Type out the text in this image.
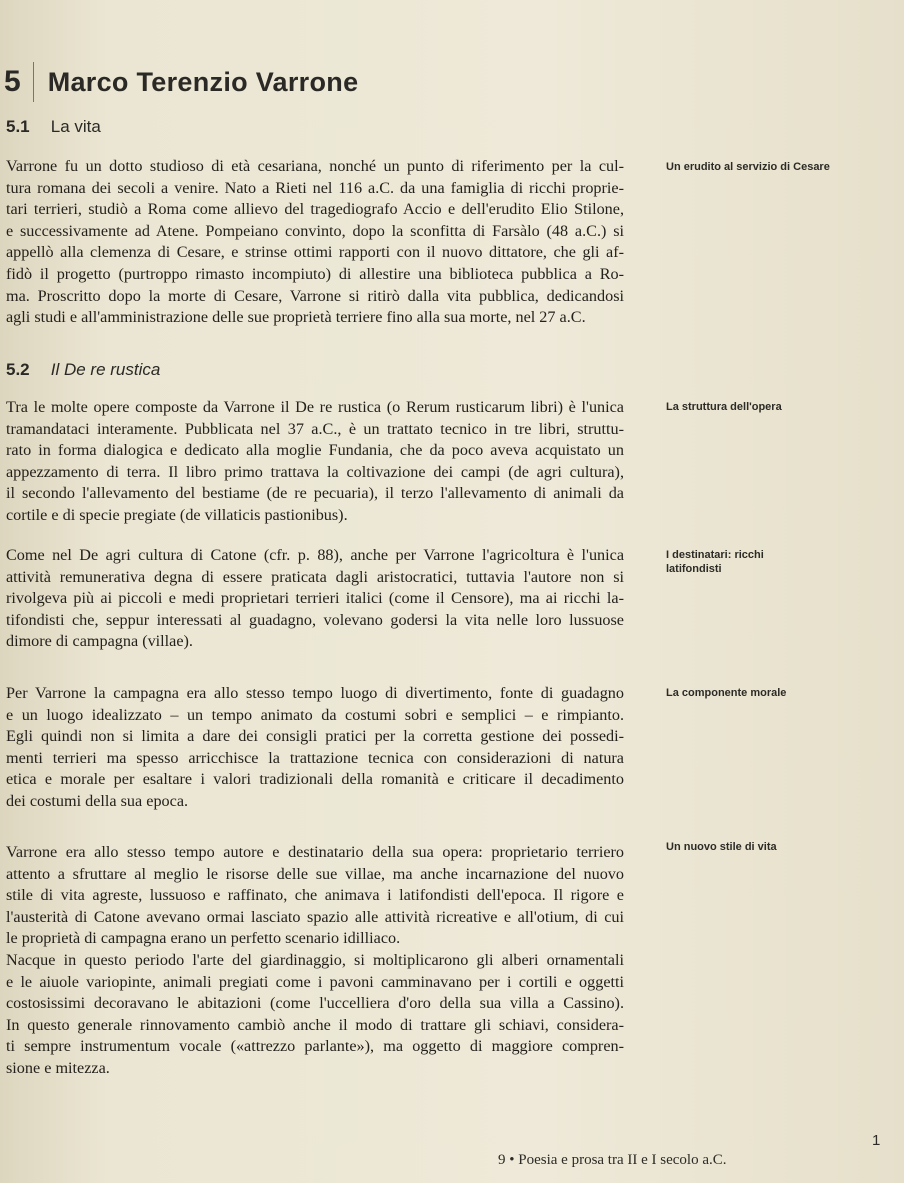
5	Marco Terenzio Varrone
5.1 La vita

Varrone fu un dotto studioso di età cesariana, nonché un punto di riferimento per la cul-
tura romana dei secoli a venire. Nato a Rieti nel 116 a.C. da una famiglia di ricchi proprie-
tari terrieri, studiò a Roma come allievo del tragediografo Accio e dell'erudito Elio Stilone,
e successivamente ad Atene. Pompeiano convinto, dopo la sconfitta di Farsàlo (48 a.C.) si
appellò alla clemenza di Cesare, e strinse ottimi rapporti con il nuovo dittatore, che gli af-
fidò il progetto (purtroppo rimasto incompiuto) di allestire una biblioteca pubblica a Ro-
ma. Proscritto dopo la morte di Cesare, Varrone si ritirò dalla vita pubblica, dedicandosi
agli studi e all'amministrazione delle sue proprietà terriere fino alla sua morte, nel 27 a.C.

Un erudito al servizio di Cesare
5.2 Il De re rustica

Tra le molte opere composte da Varrone il De re rustica (o Rerum rusticarum libri) è l'unica
tramandataci interamente. Pubblicata nel 37 a.C., è un trattato tecnico in tre libri, struttu-
rato in forma dialogica e dedicato alla moglie Fundania, che da poco aveva acquistato un
appezzamento di terra. Il libro primo trattava la coltivazione dei campi (de agri cultura),
il secondo l'allevamento del bestiame (de re pecuaria), il terzo l'allevamento di animali da
cortile e di specie pregiate (de villaticis pastionibus).

La struttura dell'opera

Come nel De agri cultura di Catone (cfr. p. 88), anche per Varrone l'agricoltura è l'unica
attività remunerativa degna di essere praticata dagli aristocratici, tuttavia l'autore non si
rivolgeva più ai piccoli e medi proprietari terrieri italici (come il Censore), ma ai ricchi la-
tifondisti che, seppur interessati al guadagno, volevano godersi la vita nelle loro lussuose
dimore di campagna (villae).

I destinatari: ricchi latifondisti

Per Varrone la campagna era allo stesso tempo luogo di divertimento, fonte di guadagno
e un luogo idealizzato – un tempo animato da costumi sobri e semplici – e rimpianto.
Egli quindi non si limita a dare dei consigli pratici per la corretta gestione dei possedi-
menti terrieri ma spesso arricchisce la trattazione tecnica con considerazioni di natura
etica e morale per esaltare i valori tradizionali della romanità e criticare il decadimento
dei costumi della sua epoca.

La componente morale

Varrone era allo stesso tempo autore e destinatario della sua opera: proprietario terriero
attento a sfruttare al meglio le risorse delle sue villae, ma anche incarnazione del nuovo
stile di vita agreste, lussuoso e raffinato, che animava i latifondisti dell'epoca. Il rigore e
l'austerità di Catone avevano ormai lasciato spazio alle attività ricreative e all'otium, di cui
le proprietà di campagna erano un perfetto scenario idilliaco.
Nacque in questo periodo l'arte del giardinaggio, si moltiplicarono gli alberi ornamentali
e le aiuole variopinte, animali pregiati come i pavoni camminavano per i cortili e oggetti
costosissimi decoravano le abitazioni (come l'uccelliera d'oro della sua villa a Cassino).
In questo generale rinnovamento cambiò anche il modo di trattare gli schiavi, considera-
ti sempre instrumentum vocale («attrezzo parlante»), ma oggetto di maggiore compren-
sione e mitezza.

Un nuovo stile di vita
1
9 • Poesia e prosa tra II e I secolo a.C.
